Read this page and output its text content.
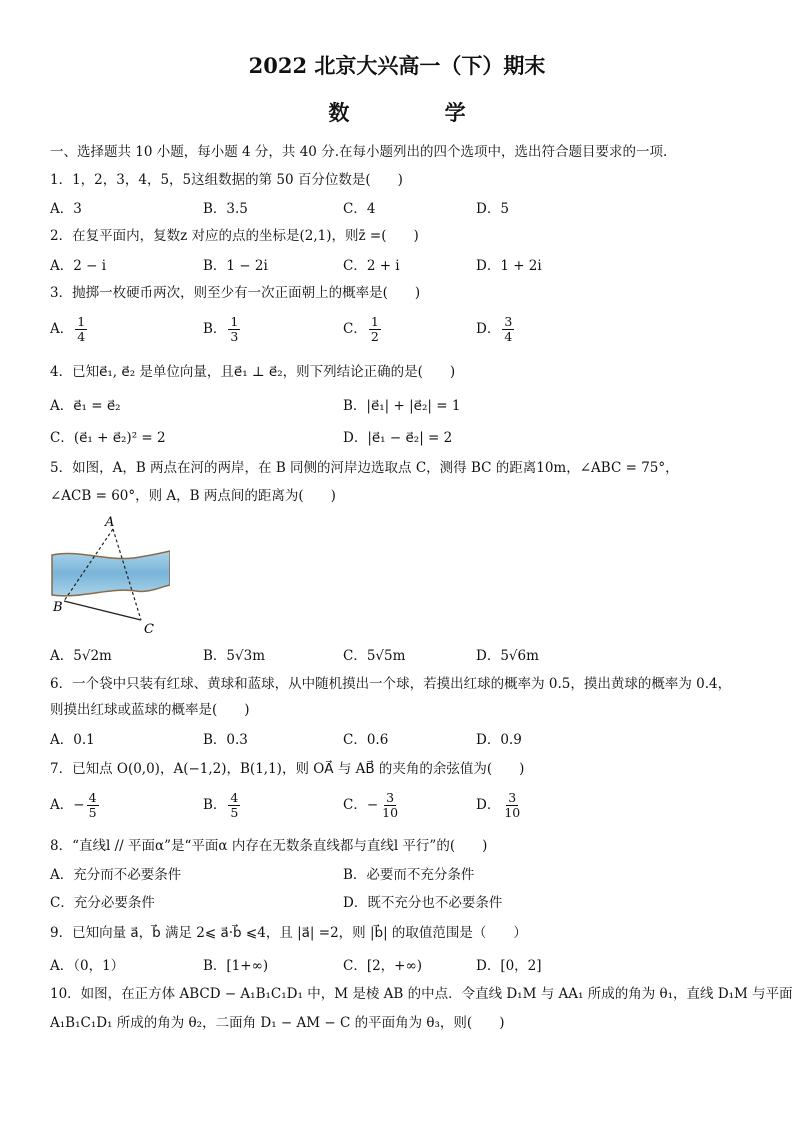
2022 北京大兴高一（下）期末
数 学
一、选择题共 10 小题，每小题 4 分，共 40 分.在每小题列出的四个选项中，选出符合题目要求的一项.
1．1，2，3，4，5，5这组数据的第 50 百分位数是(　　)
A．3	B．3.5	C．4	D．5
2．在复平面内，复数z 对应的点的坐标是(2,1)，则z̄ =(　　)
A．2 − i	B．1 − 2i	C．2 + i	D．1 + 2i
3．抛掷一枚硬币两次，则至少有一次正面朝上的概率是(　　)
A． $\frac{1}{4}$	B． $\frac{1}{3}$	C． $\frac{1}{2}$	D． $\frac{3}{4}$
4．已知e⃗₁, e⃗₂ 是单位向量，且e⃗₁ ⊥ e⃗₂，则下列结论正确的是(　　)
A．e⃗₁ = e⃗₂	B．|e⃗₁| + |e⃗₂| = 1
C．(e⃗₁ + e⃗₂)² = 2	D．|e⃗₁ − e⃗₂| = 2
5．如图，A，B 两点在河的两岸，在 B 同侧的河岸边选取点 C，测得 BC 的距离10m，∠ABC = 75°，
∠ACB = 60°，则 A，B 两点间的距离为(　　)
A
B
C
A．5√2m	B．5√3m	C．5√5m	D．5√6m
6．一个袋中只装有红球、黄球和蓝球，从中随机摸出一个球，若摸出红球的概率为 0.5，摸出黄球的概率为 0.4，
则摸出红球或蓝球的概率是(　　)
A．0.1	B．0.3	C．0.6	D．0.9
7．已知点 O(0,0)，A(−1,2)，B(1,1)，则 OA⃗ 与 AB⃗ 的夹角的余弦值为(　　)
A．− $\frac{4}{5}$	B． $\frac{4}{5}$	C．− $\frac{3}{10}$	D． $\frac{3}{10}$
8．“直线l // 平面α”是“平面α 内存在无数条直线都与直线l 平行”的(　　)
A．充分而不必要条件	B．必要而不充分条件
C．充分必要条件	D．既不充分也不必要条件
9．已知向量 a⃗，b⃗ 满足 2⩽ a⃗·b⃗ ⩽4，且 |a⃗| =2，则 |b⃗| 的取值范围是（　　）
A．（0，1）	B．[1+∞)	C．[2，+∞)	D．[0，2]
10．如图，在正方体 ABCD − A₁B₁C₁D₁ 中，M 是棱 AB 的中点．令直线 D₁M 与 AA₁ 所成的角为 θ₁，直线 D₁M 与平面
A₁B₁C₁D₁ 所成的角为 θ₂，二面角 D₁ − AM − C 的平面角为 θ₃，则(　　)
